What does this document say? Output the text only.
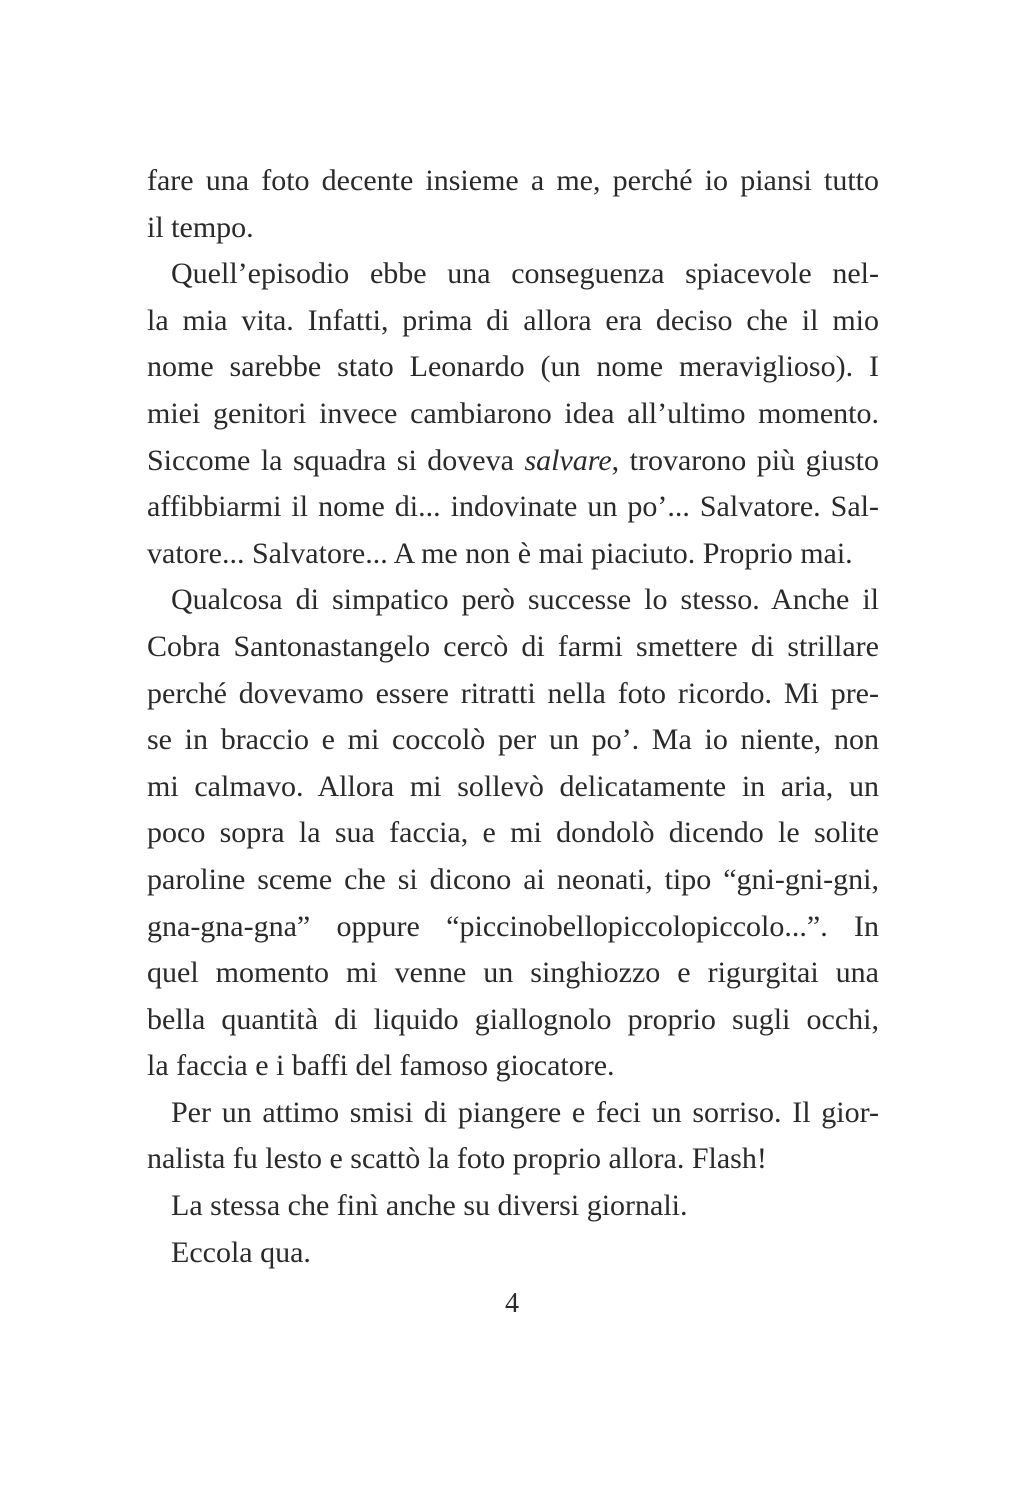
fare una foto decente insieme a me, perché io piansi tutto
il tempo.
Quell’episodio ebbe una conseguenza spiacevole nel-
la mia vita. Infatti, prima di allora era deciso che il mio
nome sarebbe stato Leonardo (un nome meraviglioso). I
miei genitori invece cambiarono idea all’ultimo momento.
Siccome la squadra si doveva salvare, trovarono più giusto
affibbiarmi il nome di... indovinate un po’... Salvatore. Sal-
vatore... Salvatore... A me non è mai piaciuto. Proprio mai.
Qualcosa di simpatico però successe lo stesso. Anche il
Cobra Santonastangelo cercò di farmi smettere di strillare
perché dovevamo essere ritratti nella foto ricordo. Mi pre-
se in braccio e mi coccolò per un po’. Ma io niente, non
mi calmavo. Allora mi sollevò delicatamente in aria, un
poco sopra la sua faccia, e mi dondolò dicendo le solite
paroline sceme che si dicono ai neonati, tipo “gni-gni-gni,
gna-gna-gna” oppure “piccinobellopiccolopiccolo...”. In
quel momento mi venne un singhiozzo e rigurgitai una
bella quantità di liquido giallognolo proprio sugli occhi,
la faccia e i baffi del famoso giocatore.
Per un attimo smisi di piangere e feci un sorriso. Il gior-
nalista fu lesto e scattò la foto proprio allora. Flash!
La stessa che finì anche su diversi giornali.
Eccola qua.
4
